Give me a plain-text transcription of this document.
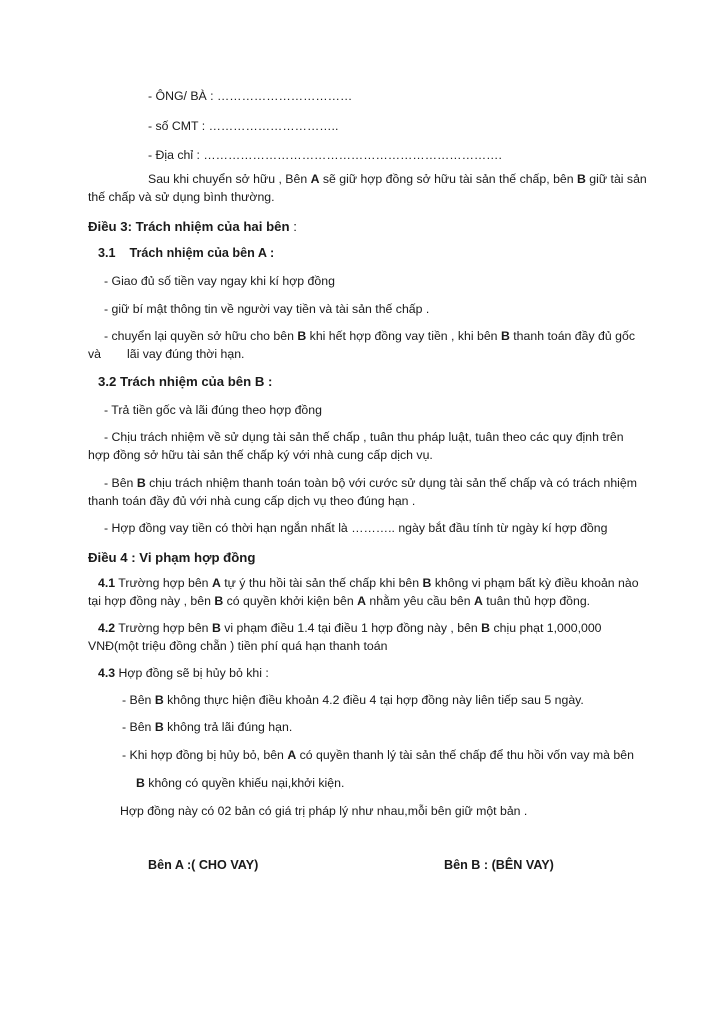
- ÔNG/ BÀ : ……………………………
- số CMT : …………………………..
- Địa chỉ : ……………………………………………………………….
Sau khi chuyển sở hữu , Bên A sẽ giữ hợp đồng sở hữu tài sản thế chấp, bên B giữ tài sản
thế chấp và sử dụng bình thường.
Điều 3: Trách nhiệm của hai bên :
3.1 Trách nhiệm của bên A :
- Giao đủ số tiền vay ngay khi kí hợp đồng
- giữ bí mật thông tin về người vay tiền và tài sản thế chấp .
- chuyển lại quyền sở hữu cho bên B khi hết hợp đồng vay tiền , khi bên B thanh toán đầy đủ gốc
và lãi vay đúng thời hạn.
3.2 Trách nhiệm của bên B :
- Trả tiền gốc và lãi đúng theo hợp đồng
- Chịu trách nhiệm về sử dụng tài sản thế chấp , tuân thu pháp luật, tuân theo các quy định trên
hợp đồng sở hữu tài sản thế chấp ký với nhà cung cấp dịch vụ.
- Bên B chịu trách nhiệm thanh toán toàn bộ với cước sử dụng tài sản thế chấp và có trách nhiệm
thanh toán đầy đủ với nhà cung cấp dịch vụ theo đúng hạn .
- Hợp đồng vay tiền có thời hạn ngắn nhất là ……….. ngày bắt đầu tính từ ngày kí hợp đồng
Điều 4 : Vi phạm hợp đồng
4.1 Trường hợp bên A tự ý thu hồi tài sản thế chấp khi bên B không vi phạm bất kỳ điều khoản nào
tại hợp đồng này , bên B có quyền khởi kiện bên A nhằm yêu cầu bên A tuân thủ hợp đồng.
4.2 Trường hợp bên B vi phạm điều 1.4 tại điều 1 hợp đồng này , bên B chịu phạt 1,000,000
VNĐ(một triệu đồng chẵn ) tiền phí quá hạn thanh toán
4.3 Hợp đồng sẽ bị hủy bỏ khi :
- Bên B không thực hiện điều khoản 4.2 điều 4 tại hợp đồng này liên tiếp sau 5 ngày.
- Bên B không trả lãi đúng hạn.
- Khi hợp đồng bị hủy bỏ, bên A có quyền thanh lý tài sản thế chấp để thu hồi vốn vay mà bên
B không có quyền khiếu nại,khởi kiện.
Hợp đồng này có 02 bản có giá trị pháp lý như nhau,mỗi bên giữ một bản .
Bên A :( CHO VAY)	Bên B : (BÊN VAY)
